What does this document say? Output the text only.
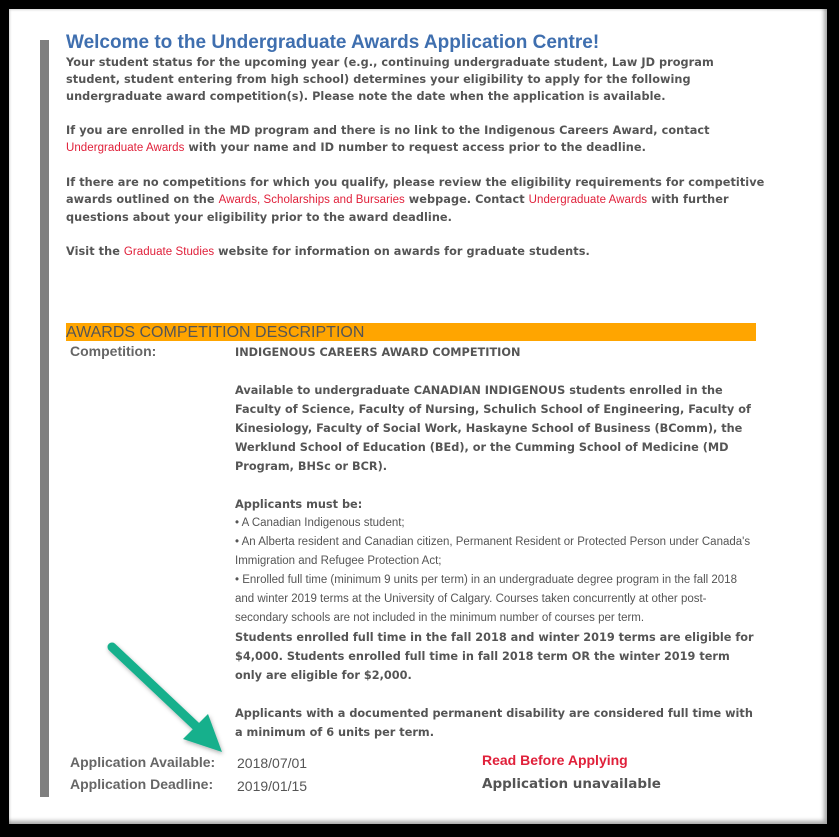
Welcome to the Undergraduate Awards Application Centre!

Your student status for the upcoming year (e.g., continuing undergraduate student, Law JD program student, student entering from high school) determines your eligibility to apply for the following undergraduate award competition(s). Please note the date when the application is available.

If you are enrolled in the MD program and there is no link to the Indigenous Careers Award, contact Undergraduate Awards with your name and ID number to request access prior to the deadline.

If there are no competitions for which you qualify, please review the eligibility requirements for competitive awards outlined on the Awards, Scholarships and Bursaries webpage. Contact Undergraduate Awards with further questions about your eligibility prior to the award deadline.

Visit the Graduate Studies website for information on awards for graduate students.

AWARDS COMPETITION DESCRIPTION
Competition:	INDIGENOUS CAREERS AWARD COMPETITION

Available to undergraduate CANADIAN INDIGENOUS students enrolled in the Faculty of Science, Faculty of Nursing, Schulich School of Engineering, Faculty of Kinesiology, Faculty of Social Work, Haskayne School of Business (BComm), the Werklund School of Education (BEd), or the Cumming School of Medicine (MD Program, BHSc or BCR).

Applicants must be:

• A Canadian Indigenous student;

• An Alberta resident and Canadian citizen, Permanent Resident or Protected Person under Canada's Immigration and Refugee Protection Act;

• Enrolled full time (minimum 9 units per term) in an undergraduate degree program in the fall 2018 and winter 2019 terms at the University of Calgary. Courses taken concurrently at other post-secondary schools are not included in the minimum number of courses per term.

Students enrolled full time in the fall 2018 and winter 2019 terms are eligible for $4,000. Students enrolled full time in fall 2018 term OR the winter 2019 term only are eligible for $2,000.

Applicants with a documented permanent disability are considered full time with a minimum of 6 units per term.

Application Available: 2018/07/01	Read Before Applying
Application Deadline: 2019/01/15	Application unavailable
